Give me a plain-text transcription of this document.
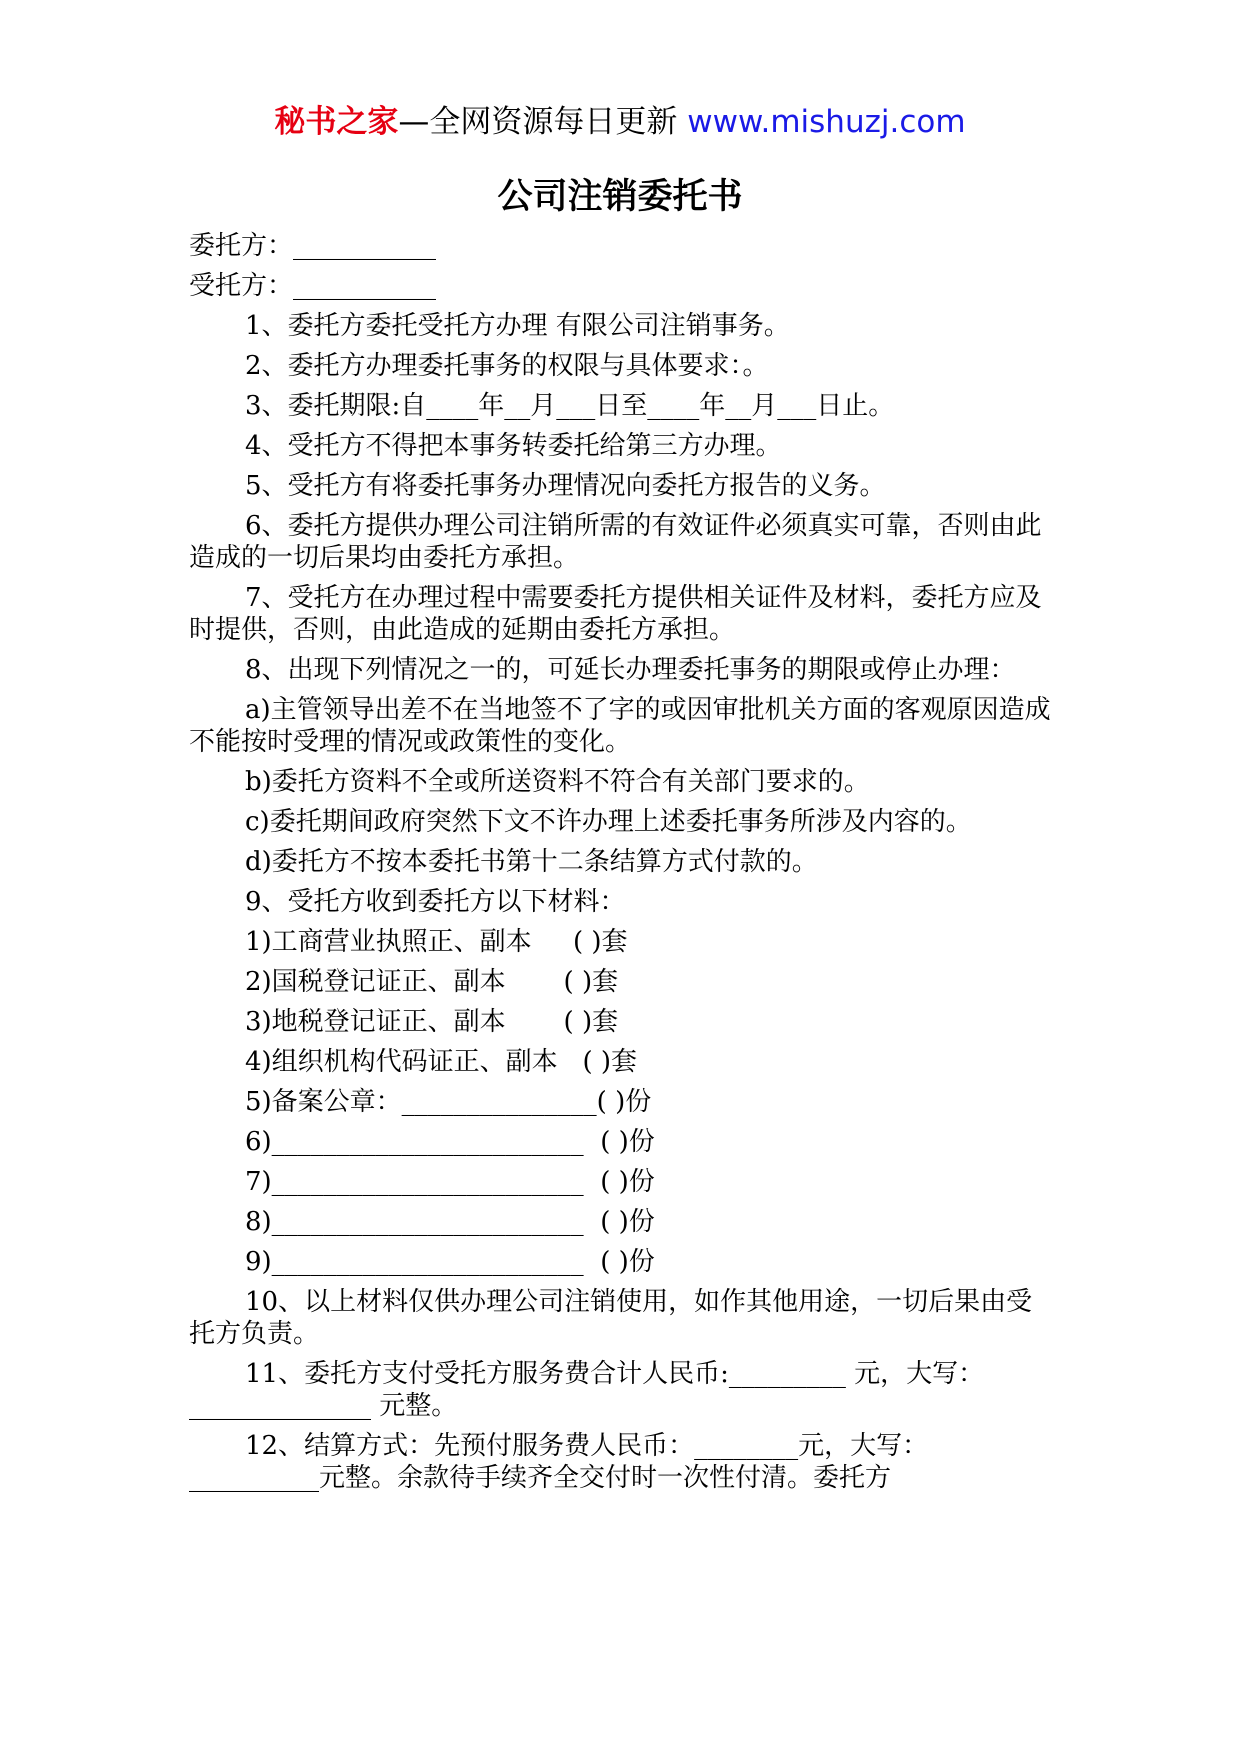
秘书之家—全网资源每日更新 www.mishuzj.com
公司注销委托书

委托方：___________

受托方：___________

1、委托方委托受托方办理 有限公司注销事务。

2、委托方办理委托事务的权限与具体要求：。

3、委托期限:自____年__月___日至____年__月___日止。

4、受托方不得把本事务转委托给第三方办理。

5、受托方有将委托事务办理情况向委托方报告的义务。

6、委托方提供办理公司注销所需的有效证件必须真实可靠，否则由此造成的一切后果均由委托方承担。

7、受托方在办理过程中需要委托方提供相关证件及材料，委托方应及时提供，否则，由此造成的延期由委托方承担。

8、出现下列情况之一的，可延长办理委托事务的期限或停止办理：

a)主管领导出差不在当地签不了字的或因审批机关方面的客观原因造成不能按时受理的情况或政策性的变化。

b)委托方资料不全或所送资料不符合有关部门要求的。

c)委托期间政府突然下文不许办理上述委托事务所涉及内容的。

d)委托方不按本委托书第十二条结算方式付款的。

9、受托方收到委托方以下材料：

1)工商营业执照正、副本     ( )套

2)国税登记证正、副本       ( )套

3)地税登记证正、副本       ( )套

4)组织机构代码证正、副本   ( )套

5)备案公章：_______________( )份

6)________________________  ( )份

7)________________________  ( )份

8)________________________  ( )份

9)________________________  ( )份

10、以上材料仅供办理公司注销使用，如作其他用途，一切后果由受托方负责。

11、委托方支付受托方服务费合计人民币:_________ 元，大写：______________ 元整。

12、结算方式：先预付服务费人民币：________元，大写：__________元整。余款待手续齐全交付时一次性付清。委托方
